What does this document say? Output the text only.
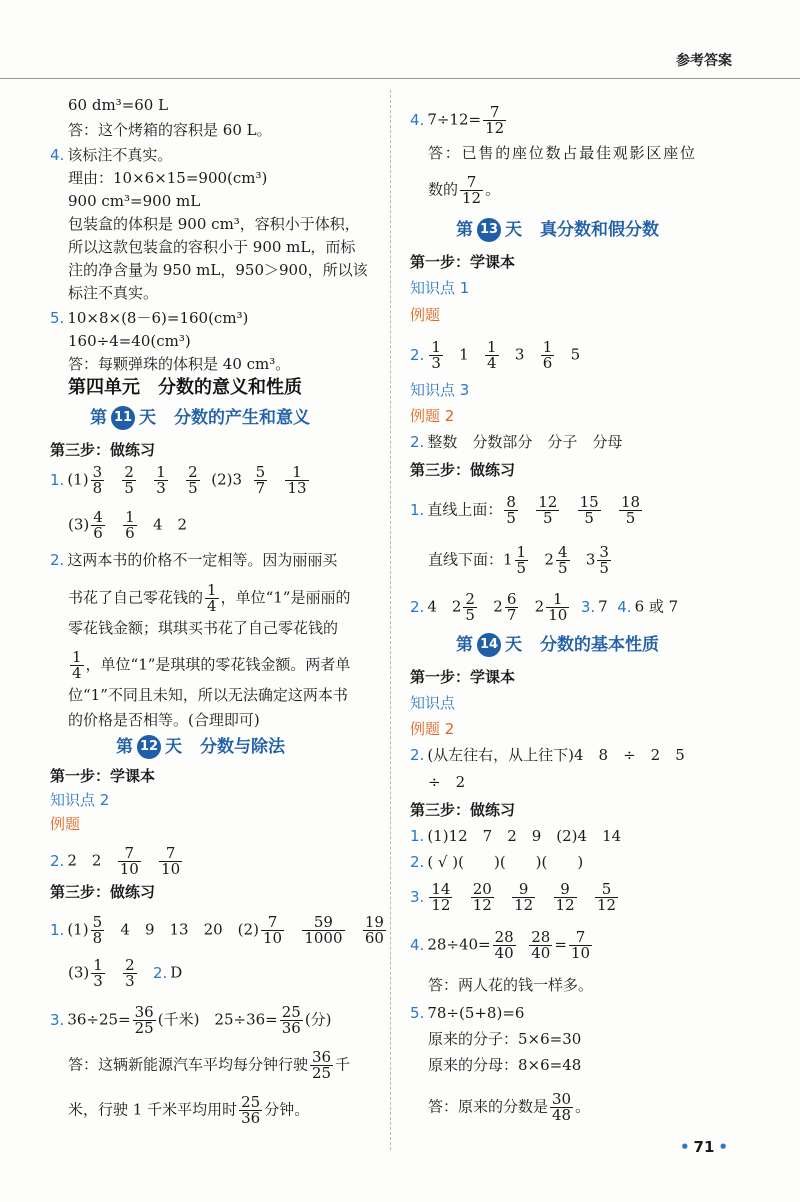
参考答案
60 dm³=60 L
答：这个烤箱的容积是 60 L。
4. 该标注不真实。
理由：10×6×15=900(cm³)
900 cm³=900 mL
包装盒的体积是 900 cm³，容积小于体积，
所以这款包装盒的容积小于 900 mL，而标
注的净含量为 950 mL，950＞900，所以该
标注不真实。
5. 10×8×(8－6)=160(cm³)
160÷4=40(cm³)
答：每颗弹珠的体积是 40 cm³。
第四单元　分数的意义和性质
第 11 天 分数的产生和意义
第三步：做练习
1. $(1) \frac{3}{8}$
$\frac{2}{5}$
$\frac{1}{3}$
$\frac{2}{5} (2)3 \frac{5}{7}$
$\frac{1}{13}$
$(3) \frac{4}{6}$
$\frac{1}{6} 4$　2
2. 这两本书的价格不一定相等。因为丽丽买
书花了自己零花钱的 $\frac{1}{4}$ ，单位“1”是丽丽的
零花钱金额；琪琪买书花了自己零花钱的
$\frac{1}{4}$ ，单位“1”是琪琪的零花钱金额。两者单
位“1”不同且未知，所以无法确定这两本书
的价格是否相等。(合理即可)
第 12 天 分数与除法
第一步：学课本
知识点 2
例题
2. 2　$2 \frac{7}{10}$
$\frac{7}{10}$
第三步：做练习
1. $(1) \frac{5}{8} 4$　9　13　20　$(2) \frac{7}{10}$
$\frac{59}{1000}$
$\frac{19}{60}$
$(3) \frac{1}{3}$
$\frac{2}{3} 2$. D
3. $36\div 25= \frac{36}{25}$ (千米)　$25\div 36= \frac{25}{36}$ (分)
答：这辆新能源汽车平均每分钟行驶 $\frac{36}{25}$ 千
米，行驶 1 千米平均用时 $\frac{25}{36}$ 分钟。
4. $7\div 12= \frac{7}{12}$
答：已售的座位数占最佳观影区座位
数的 $\frac{7}{12}$ 。
第 13 天 真分数和假分数
第一步：学课本
知识点 1
例题
2. $\frac{1}{3} 1 \frac{1}{4} 3 \frac{1}{6} 5$
知识点 3
例题 2
2. 整数　分数部分　分子　分母
第三步：做练习
1. 直线上面： $\frac{8}{5}$
$\frac{12}{5}$
$\frac{15}{5}$
$\frac{18}{5}$
直线下面：$1 \frac{1}{5} 2 \frac{4}{5} 3 \frac{3}{5}$
2. 4　$2 \frac{2}{5} 2 \frac{6}{7} 2 \frac{1}{10} 3$. 7 4. 6 或 7
第 14 天 分数的基本性质
第一步：学课本
知识点
例题 2
2. (从左往右，从上往下)4　8　÷　2　5
÷　2
第三步：做练习
1. (1)12　7　2　9　(2)4　14
2. ( √ )(　　)(　　)(　　)
3. $\frac{14}{12}$
$\frac{20}{12}$
$\frac{9}{12}$
$\frac{9}{12}$
$\frac{5}{12}$
4. $28\div 40= \frac{28}{40}$
$\frac{28}{40} = \frac{7}{10}$
答：两人花的钱一样多。
5. 78÷(5+8)=6
原来的分子：5×6=30
原来的分母：8×6=48
答：原来的分数是 $\frac{30}{48}$ 。
• 71 •
